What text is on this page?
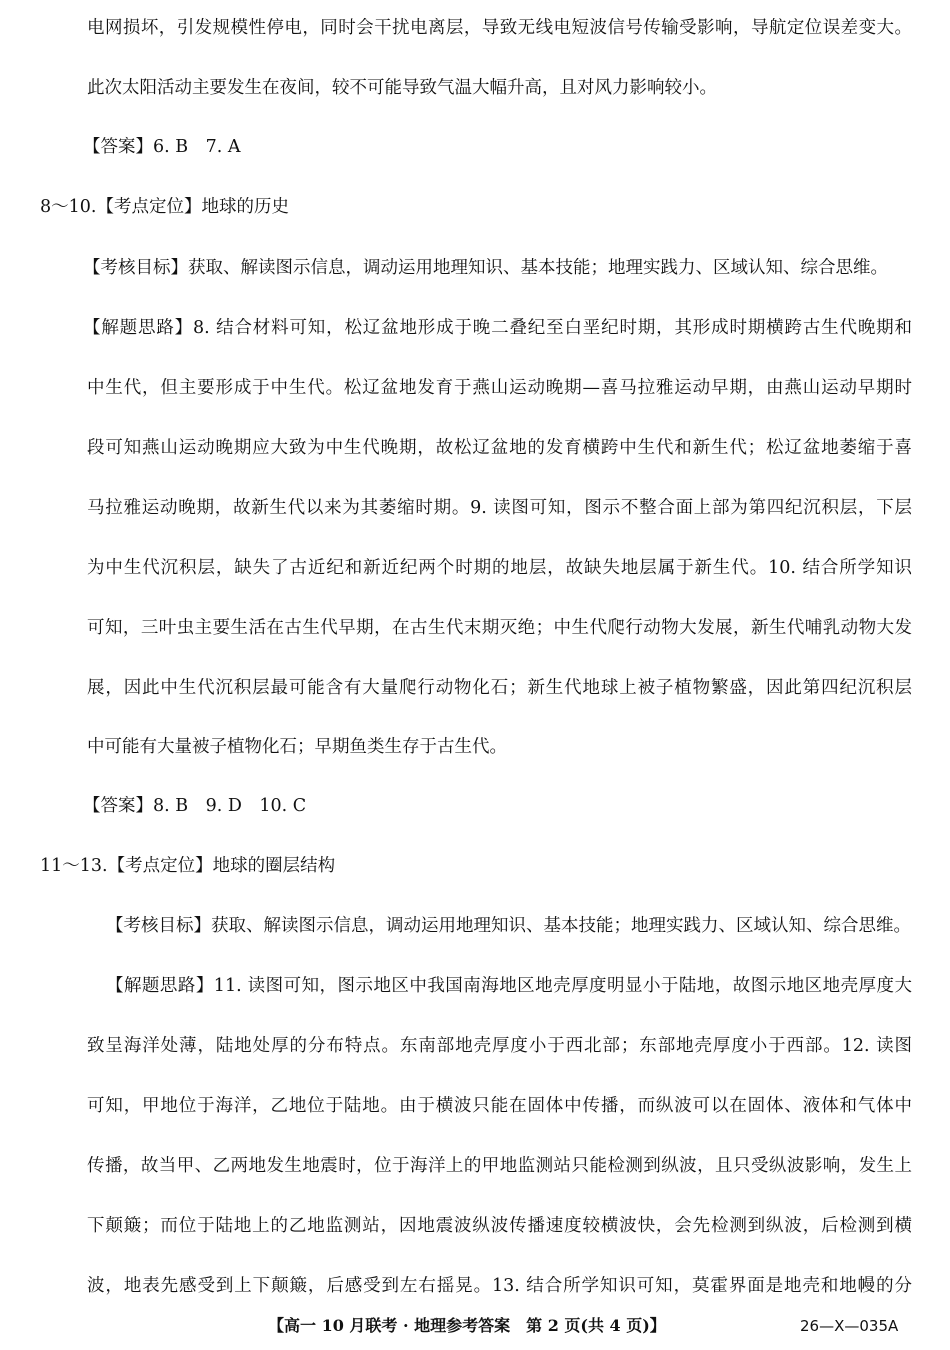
电网损坏，引发规模性停电，同时会干扰电离层，导致无线电短波信号传输受影响，导航定位误差变大。
此次太阳活动主要发生在夜间，较不可能导致气温大幅升高，且对风力影响较小。
【答案】6. B　7. A
8～10.【考点定位】地球的历史
【考核目标】获取、解读图示信息，调动运用地理知识、基本技能；地理实践力、区域认知、综合思维。
【解题思路】8. 结合材料可知，松辽盆地形成于晚二叠纪至白垩纪时期，其形成时期横跨古生代晚期和
中生代，但主要形成于中生代。松辽盆地发育于燕山运动晚期—喜马拉雅运动早期，由燕山运动早期时
段可知燕山运动晚期应大致为中生代晚期，故松辽盆地的发育横跨中生代和新生代；松辽盆地萎缩于喜
马拉雅运动晚期，故新生代以来为其萎缩时期。9. 读图可知，图示不整合面上部为第四纪沉积层，下层
为中生代沉积层，缺失了古近纪和新近纪两个时期的地层，故缺失地层属于新生代。10. 结合所学知识
可知，三叶虫主要生活在古生代早期，在古生代末期灭绝；中生代爬行动物大发展，新生代哺乳动物大发
展，因此中生代沉积层最可能含有大量爬行动物化石；新生代地球上被子植物繁盛，因此第四纪沉积层
中可能有大量被子植物化石；早期鱼类生存于古生代。
【答案】8. B　9. D　10. C
11～13.【考点定位】地球的圈层结构
【考核目标】获取、解读图示信息，调动运用地理知识、基本技能；地理实践力、区域认知、综合思维。
【解题思路】11. 读图可知，图示地区中我国南海地区地壳厚度明显小于陆地，故图示地区地壳厚度大
致呈海洋处薄，陆地处厚的分布特点。东南部地壳厚度小于西北部；东部地壳厚度小于西部。12. 读图
可知，甲地位于海洋，乙地位于陆地。由于横波只能在固体中传播，而纵波可以在固体、液体和气体中
传播，故当甲、乙两地发生地震时，位于海洋上的甲地监测站只能检测到纵波，且只受纵波影响，发生上
下颠簸；而位于陆地上的乙地监测站，因地震波纵波传播速度较横波快，会先检测到纵波，后检测到横
波，地表先感受到上下颠簸，后感受到左右摇晃。13. 结合所学知识可知，莫霍界面是地壳和地幔的分
【高一 10 月联考 · 地理参考答案　第 2 页(共 4 页)】	26—X—035A
